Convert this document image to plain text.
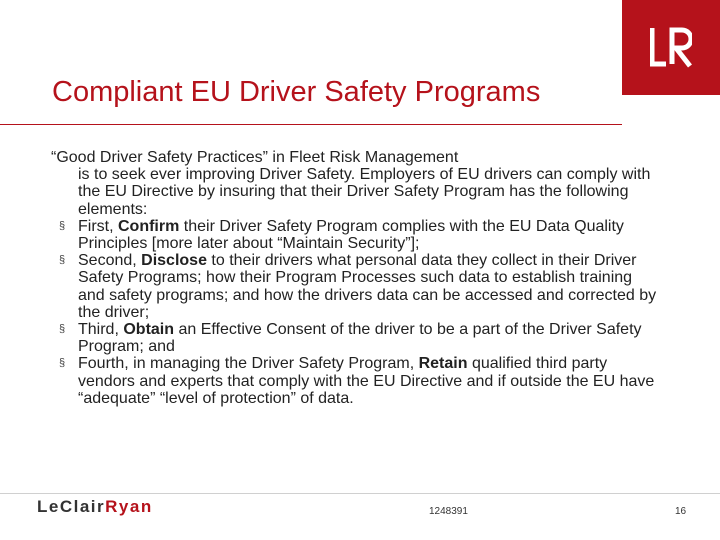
Compliant EU Driver Safety Programs

“Good Driver Safety Practices” in Fleet Risk Management
is to seek ever improving Driver Safety. Employers of EU drivers can comply with the EU Directive by insuring that their Driver Safety Program has the following elements:

§ First, Confirm their Driver Safety Program complies with the EU Data Quality Principles [more later about “Maintain Security”];
§ Second, Disclose to their drivers what personal data they collect in their Driver Safety Programs; how their Program Processes such data to establish training and safety programs; and how the drivers data can be accessed and corrected by the driver;
§ Third, Obtain an Effective Consent of the driver to be a part of the Driver Safety Program; and
§ Fourth, in managing the Driver Safety Program, Retain qualified third party vendors and experts that comply with the EU Directive and if outside the EU have “adequate” “level of protection” of data.
LeClairRyan	1248391	16
